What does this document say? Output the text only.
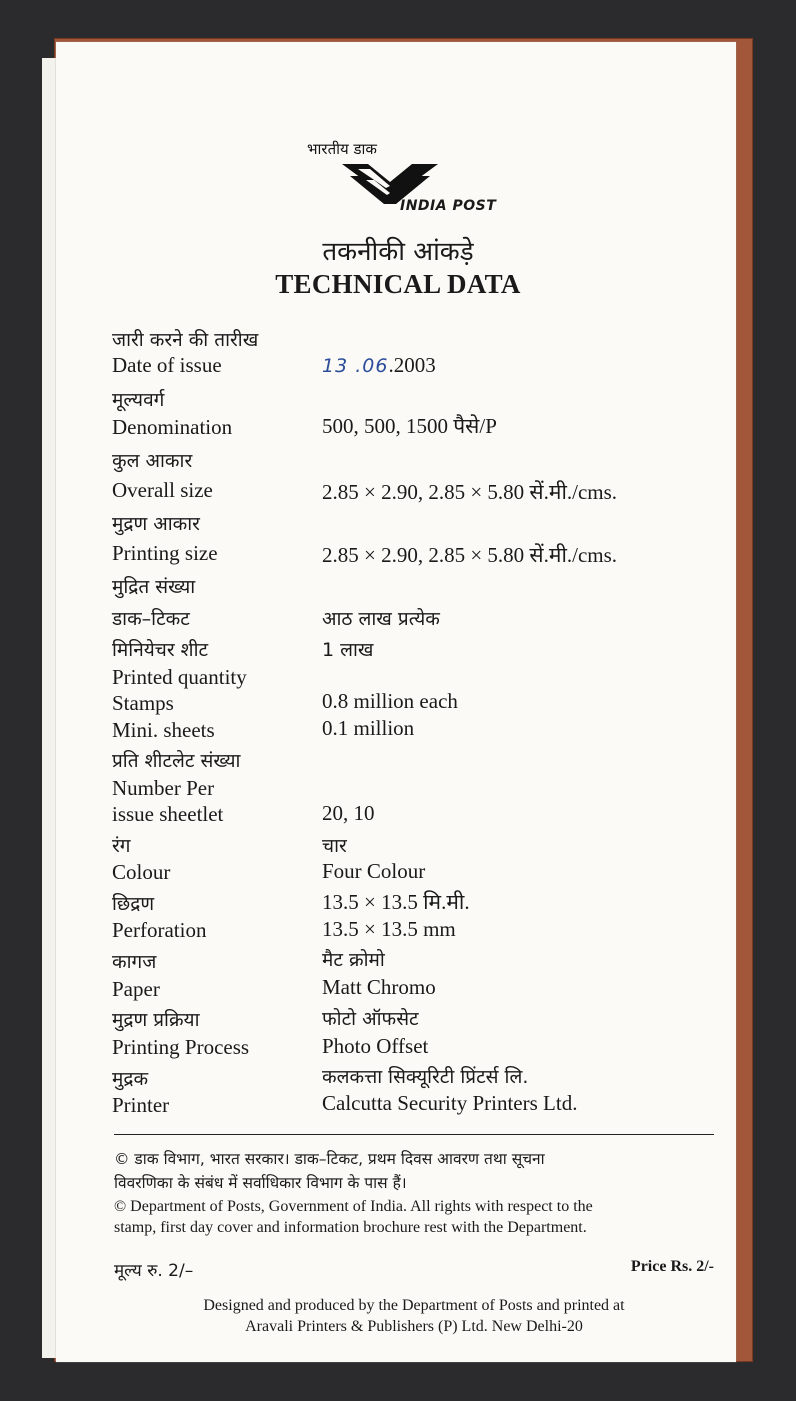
भारतीय डाक
INDIA POST
तकनीकी आंकड़े
TECHNICAL DATA
जारी करने की तारीख
Date of issue	13 .06.2003
मूल्यवर्ग
Denomination	500, 500, 1500 पैसे/P
कुल आकार
Overall size	2.85 × 2.90, 2.85 × 5.80 सें.मी./cms.
मुद्रण आकार
Printing size	2.85 × 2.90, 2.85 × 5.80 सें.मी./cms.
मुद्रित संख्या
डाक–टिकट	आठ लाख प्रत्येक
मिनियेचर शीट	1 लाख
Printed quantity
Stamps	0.8 million each
Mini. sheets	0.1 million
प्रति शीटलेट संख्या
Number Per
issue sheetlet	20, 10
रंग	चार
Colour	Four Colour
छिद्रण	13.5 × 13.5 मि.मी.
Perforation	13.5 × 13.5 mm
कागज	मैट क्रोमो
Paper	Matt Chromo
मुद्रण प्रक्रिया	फोटो ऑफसेट
Printing Process	Photo Offset
मुद्रक	कलकत्ता सिक्यूरिटी प्रिंटर्स लि.
Printer	Calcutta Security Printers Ltd.
© डाक विभाग, भारत सरकार। डाक–टिकट, प्रथम दिवस आवरण तथा सूचना
विवरणिका के संबंध में सर्वाधिकार विभाग के पास हैं।
© Department of Posts, Government of India. All rights with respect to the
stamp, first day cover and information brochure rest with the Department.
मूल्य रु. 2/–	Price Rs. 2/-
Designed and produced by the Department of Posts and printed at
Aravali Printers & Publishers (P) Ltd. New Delhi-20
